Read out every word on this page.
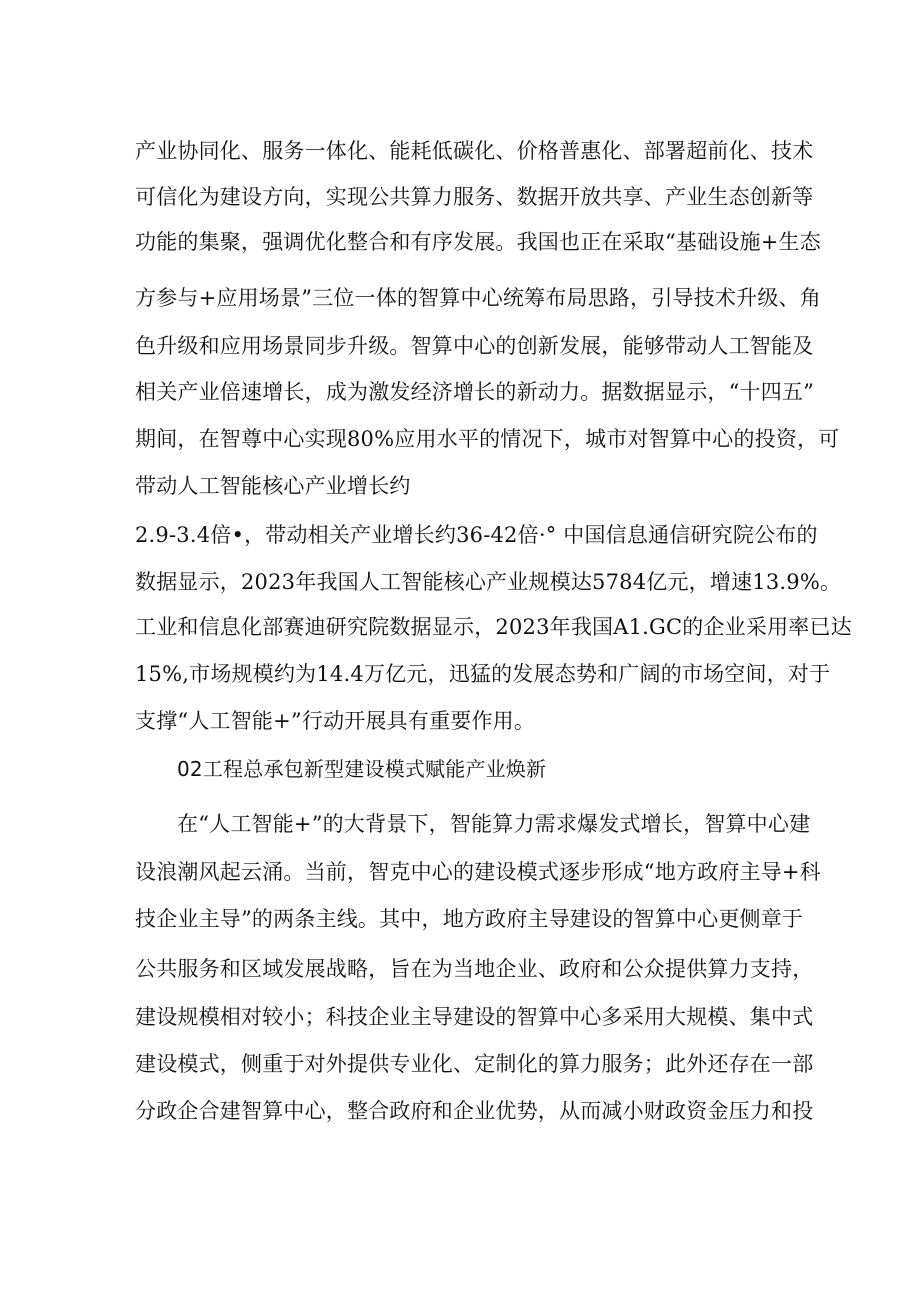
产业协同化、服务一体化、能耗低碳化、价格普惠化、部署超前化、技术
可信化为建设方向，实现公共算力服务、数据开放共享、产业生态创新等
功能的集聚，强调优化整合和有序发展。我国也正在采取“基础设施+生态
方参与+应用场景”三位一体的智算中心统筹布局思路，引导技术升级、角
色升级和应用场景同步升级。智算中心的创新发展，能够带动人工智能及
相关产业倍速增长，成为激发经济增长的新动力。据数据显示，“十四五”
期间，在智尊中心实现80%应用水平的情况下，城市对智算中心的投资，可
带动人工智能核心产业增长约
2.9-3.4倍•，带动相关产业增长约36-42倍·° 中国信息通信研究院公布的
数据显示，2023年我国人工智能核心产业规模达5784亿元，增速13.9%。
工业和信息化部赛迪研究院数据显示，2023年我国A1.GC的企业采用率已达
15%,市场规模约为14.4万亿元，迅猛的发展态势和广阔的市场空间，对于
支撑“人工智能+”行动开展具有重要作用。
02工程总承包新型建设模式赋能产业焕新
在“人工智能+”的大背景下，智能算力需求爆发式增长，智算中心建
设浪潮风起云涌。当前，智克中心的建设模式逐步形成“地方政府主导+科
技企业主导”的两条主线。其中，地方政府主导建设的智算中心更侧章于
公共服务和区域发展战略，旨在为当地企业、政府和公众提供算力支持，
建设规模相对较小；科技企业主导建设的智算中心多采用大规模、集中式
建设模式，侧重于对外提供专业化、定制化的算力服务；此外还存在一部
分政企合建智算中心，整合政府和企业优势，从而减小财政资金压力和投
